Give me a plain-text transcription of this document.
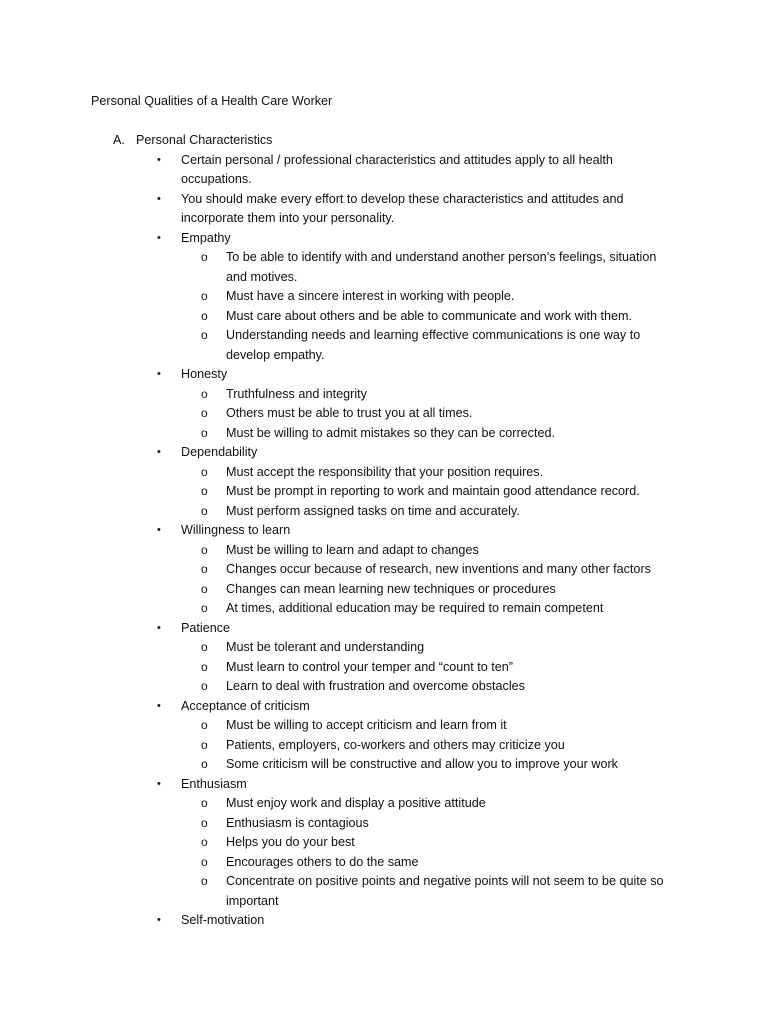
Personal Qualities of a Health Care Worker
A. Personal Characteristics
• Certain personal / professional characteristics and attitudes apply to all health
occupations.
• You should make every effort to develop these characteristics and attitudes and
incorporate them into your personality.
• Empathy
o To be able to identify with and understand another person’s feelings, situation
and motives.
o Must have a sincere interest in working with people.
o Must care about others and be able to communicate and work with them.
o Understanding needs and learning effective communications is one way to
develop empathy.
• Honesty
o Truthfulness and integrity
o Others must be able to trust you at all times.
o Must be willing to admit mistakes so they can be corrected.
• Dependability
o Must accept the responsibility that your position requires.
o Must be prompt in reporting to work and maintain good attendance record.
o Must perform assigned tasks on time and accurately.
• Willingness to learn
o Must be willing to learn and adapt to changes
o Changes occur because of research, new inventions and many other factors
o Changes can mean learning new techniques or procedures
o At times, additional education may be required to remain competent
• Patience
o Must be tolerant and understanding
o Must learn to control your temper and “count to ten”
o Learn to deal with frustration and overcome obstacles
• Acceptance of criticism
o Must be willing to accept criticism and learn from it
o Patients, employers, co-workers and others may criticize you
o Some criticism will be constructive and allow you to improve your work
• Enthusiasm
o Must enjoy work and display a positive attitude
o Enthusiasm is contagious
o Helps you do your best
o Encourages others to do the same
o Concentrate on positive points and negative points will not seem to be quite so
important
• Self-motivation
